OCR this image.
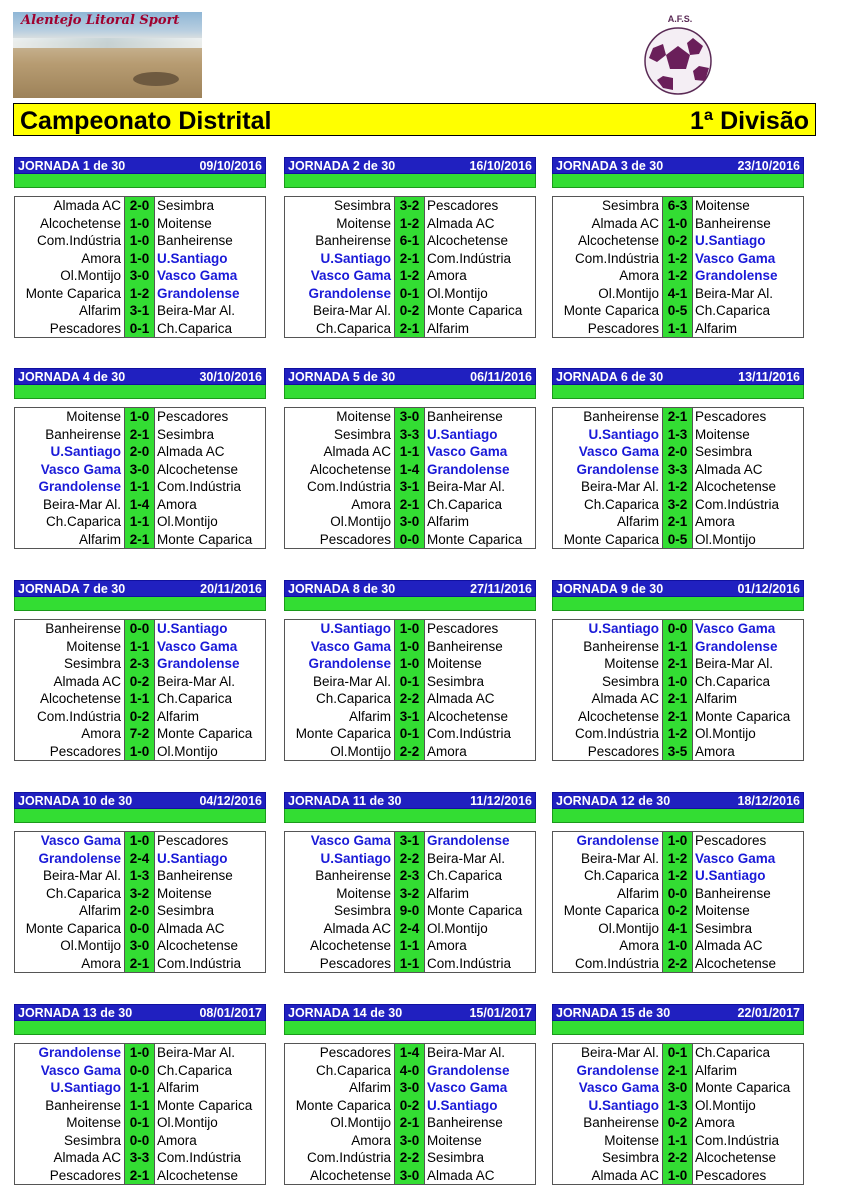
Alentejo Litoral Sport	A.F.S.
Campeonato Distrital	1ª Divisão
JORNADA 1 de 30	09/10/2016
Almada AC 2-0 Sesimbra
Alcochetense 1-0 Moitense
Com.Indústria 1-0 Banheirense
Amora 1-0 U.Santiago
Ol.Montijo 3-0 Vasco Gama
Monte Caparica 1-2 Grandolense
Alfarim 3-1 Beira-Mar Al.
Pescadores 0-1 Ch.Caparica
JORNADA 2 de 30	16/10/2016
Sesimbra 3-2 Pescadores
Moitense 1-2 Almada AC
Banheirense 6-1 Alcochetense
U.Santiago 2-1 Com.Indústria
Vasco Gama 1-2 Amora
Grandolense 0-1 Ol.Montijo
Beira-Mar Al. 0-2 Monte Caparica
Ch.Caparica 2-1 Alfarim
JORNADA 3 de 30	23/10/2016
Sesimbra 6-3 Moitense
Almada AC 1-0 Banheirense
Alcochetense 0-2 U.Santiago
Com.Indústria 1-2 Vasco Gama
Amora 1-2 Grandolense
Ol.Montijo 4-1 Beira-Mar Al.
Monte Caparica 0-5 Ch.Caparica
Pescadores 1-1 Alfarim
JORNADA 4 de 30	30/10/2016
Moitense 1-0 Pescadores
Banheirense 2-1 Sesimbra
U.Santiago 2-0 Almada AC
Vasco Gama 3-0 Alcochetense
Grandolense 1-1 Com.Indústria
Beira-Mar Al. 1-4 Amora
Ch.Caparica 1-1 Ol.Montijo
Alfarim 2-1 Monte Caparica
JORNADA 5 de 30	06/11/2016
Moitense 3-0 Banheirense
Sesimbra 3-3 U.Santiago
Almada AC 1-1 Vasco Gama
Alcochetense 1-4 Grandolense
Com.Indústria 3-1 Beira-Mar Al.
Amora 2-1 Ch.Caparica
Ol.Montijo 3-0 Alfarim
Pescadores 0-0 Monte Caparica
JORNADA 6 de 30	13/11/2016
Banheirense 2-1 Pescadores
U.Santiago 1-3 Moitense
Vasco Gama 2-0 Sesimbra
Grandolense 3-3 Almada AC
Beira-Mar Al. 1-2 Alcochetense
Ch.Caparica 3-2 Com.Indústria
Alfarim 2-1 Amora
Monte Caparica 0-5 Ol.Montijo
JORNADA 7 de 30	20/11/2016
Banheirense 0-0 U.Santiago
Moitense 1-1 Vasco Gama
Sesimbra 2-3 Grandolense
Almada AC 0-2 Beira-Mar Al.
Alcochetense 1-1 Ch.Caparica
Com.Indústria 0-2 Alfarim
Amora 7-2 Monte Caparica
Pescadores 1-0 Ol.Montijo
JORNADA 8 de 30	27/11/2016
U.Santiago 1-0 Pescadores
Vasco Gama 1-0 Banheirense
Grandolense 1-0 Moitense
Beira-Mar Al. 0-1 Sesimbra
Ch.Caparica 2-2 Almada AC
Alfarim 3-1 Alcochetense
Monte Caparica 0-1 Com.Indústria
Ol.Montijo 2-2 Amora
JORNADA 9 de 30	01/12/2016
U.Santiago 0-0 Vasco Gama
Banheirense 1-1 Grandolense
Moitense 2-1 Beira-Mar Al.
Sesimbra 1-0 Ch.Caparica
Almada AC 2-1 Alfarim
Alcochetense 2-1 Monte Caparica
Com.Indústria 1-2 Ol.Montijo
Pescadores 3-5 Amora
JORNADA 10 de 30	04/12/2016
Vasco Gama 1-0 Pescadores
Grandolense 2-4 U.Santiago
Beira-Mar Al. 1-3 Banheirense
Ch.Caparica 3-2 Moitense
Alfarim 2-0 Sesimbra
Monte Caparica 0-0 Almada AC
Ol.Montijo 3-0 Alcochetense
Amora 2-1 Com.Indústria
JORNADA 11 de 30	11/12/2016
Vasco Gama 3-1 Grandolense
U.Santiago 2-2 Beira-Mar Al.
Banheirense 2-3 Ch.Caparica
Moitense 3-2 Alfarim
Sesimbra 9-0 Monte Caparica
Almada AC 2-4 Ol.Montijo
Alcochetense 1-1 Amora
Pescadores 1-1 Com.Indústria
JORNADA 12 de 30	18/12/2016
Grandolense 1-0 Pescadores
Beira-Mar Al. 1-2 Vasco Gama
Ch.Caparica 1-2 U.Santiago
Alfarim 0-0 Banheirense
Monte Caparica 0-2 Moitense
Ol.Montijo 4-1 Sesimbra
Amora 1-0 Almada AC
Com.Indústria 2-2 Alcochetense
JORNADA 13 de 30	08/01/2017
Grandolense 1-0 Beira-Mar Al.
Vasco Gama 0-0 Ch.Caparica
U.Santiago 1-1 Alfarim
Banheirense 1-1 Monte Caparica
Moitense 0-1 Ol.Montijo
Sesimbra 0-0 Amora
Almada AC 3-3 Com.Indústria
Pescadores 2-1 Alcochetense
JORNADA 14 de 30	15/01/2017
Pescadores 1-4 Beira-Mar Al.
Ch.Caparica 4-0 Grandolense
Alfarim 3-0 Vasco Gama
Monte Caparica 0-2 U.Santiago
Ol.Montijo 2-1 Banheirense
Amora 3-0 Moitense
Com.Indústria 2-2 Sesimbra
Alcochetense 3-0 Almada AC
JORNADA 15 de 30	22/01/2017
Beira-Mar Al. 0-1 Ch.Caparica
Grandolense 2-1 Alfarim
Vasco Gama 3-0 Monte Caparica
U.Santiago 1-3 Ol.Montijo
Banheirense 0-2 Amora
Moitense 1-1 Com.Indústria
Sesimbra 2-2 Alcochetense
Almada AC 1-0 Pescadores
